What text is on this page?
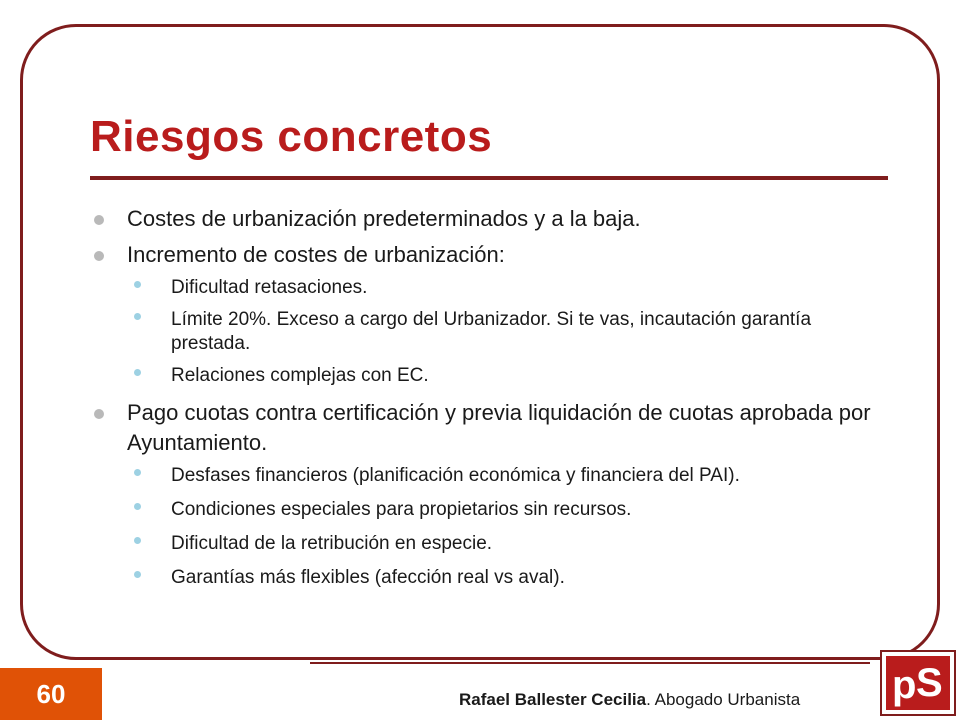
Riesgos concretos
Costes de urbanización predeterminados y a la baja.
Incremento de costes de urbanización:
Dificultad retasaciones.
Límite 20%. Exceso a cargo del Urbanizador. Si te vas, incautación garantía prestada.
Relaciones complejas con EC.
Pago cuotas contra certificación y previa liquidación de cuotas aprobada por Ayuntamiento.
Desfases financieros (planificación económica y financiera del PAI).
Condiciones especiales para propietarios sin recursos.
Dificultad de la retribución en especie.
Garantías más flexibles (afección real vs aval).
60	Rafael Ballester Cecilia. Abogado Urbanista p S
